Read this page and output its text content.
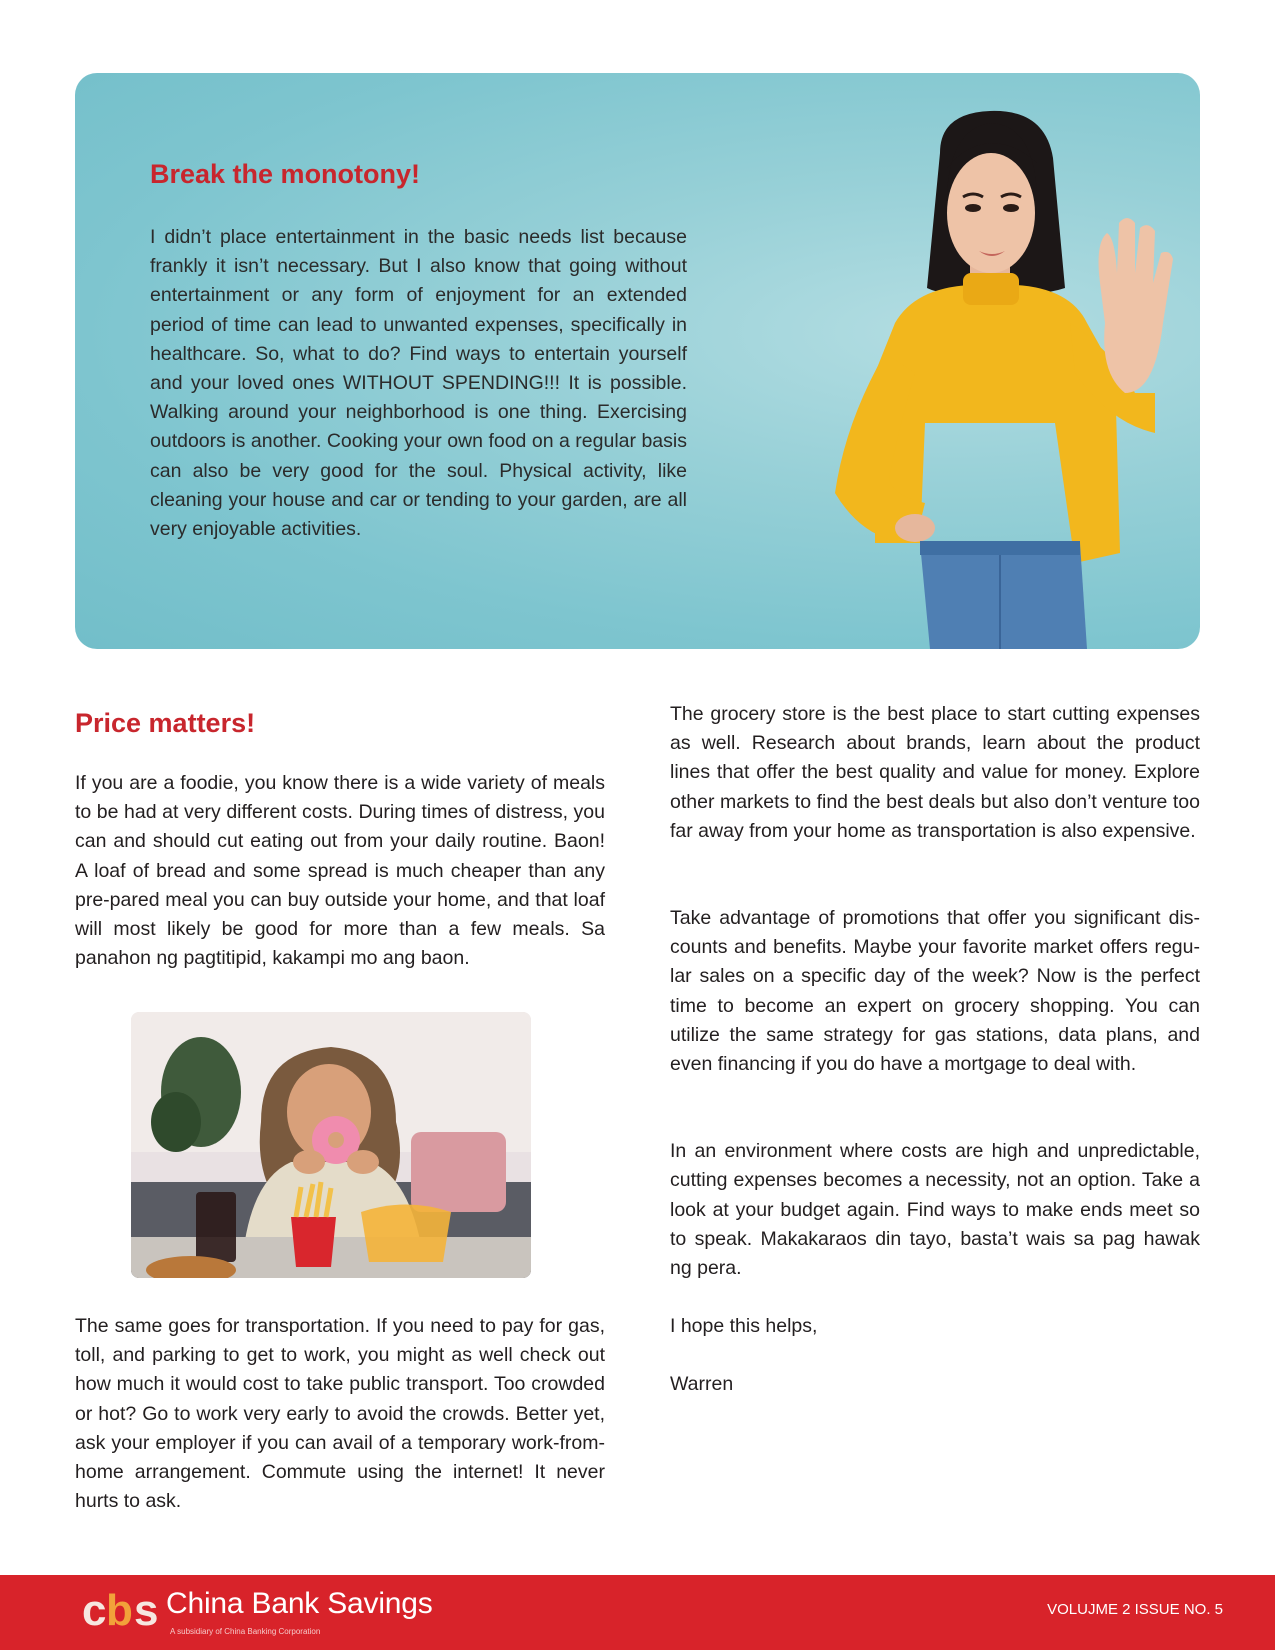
Break the monotony!

I didn’t place entertainment in the basic needs list because frankly it isn’t necessary. But I also know that going without entertainment or any form of enjoyment for an extended period of time can lead to unwanted expenses, specifically in healthcare. So, what to do? Find ways to entertain yourself and your loved ones WITHOUT SPENDING!!! It is possible. Walking around your neighborhood is one thing. Exercising outdoors is another. Cooking your own food on a regular basis can also be very good for the soul. Physical activity, like cleaning your house and car or tending to your garden, are all very enjoyable activities.

Price matters!

If you are a foodie, you know there is a wide variety of meals to be had at very different costs. During times of distress, you can and should cut eating out from your daily routine. Baon! A loaf of bread and some spread is much cheaper than any pre-pared meal you can buy outside your home, and that loaf will most likely be good for more than a few meals. Sa panahon ng pagtitipid, kakampi mo ang baon.

The same goes for transportation. If you need to pay for gas, toll, and parking to get to work, you might as well check out how much it would cost to take public transport. Too crowded or hot? Go to work very early to avoid the crowds. Better yet, ask your employer if you can avail of a temporary work-from-home arrangement. Commute using the internet! It never hurts to ask.

The grocery store is the best place to start cutting expenses as well. Research about brands, learn about the product lines that offer the best quality and value for money. Explore other markets to find the best deals but also don’t venture too far away from your home as transportation is also expensive.

Take advantage of promotions that offer you significant dis-counts and benefits. Maybe your favorite market offers regu-lar sales on a specific day of the week? Now is the perfect time to become an expert on grocery shopping. You can utilize the same strategy for gas stations, data plans, and even financing if you do have a mortgage to deal with.

In an environment where costs are high and unpredictable, cutting expenses becomes a necessity, not an option. Take a look at your budget again. Find ways to make ends meet so to speak. Makakaraos din tayo, basta’t wais sa pag hawak ng pera.

I hope this helps,

Warren

c b s China Bank Savings

A subsidiary of China Banking Corporation

VOLUJME 2 ISSUE NO. 5
